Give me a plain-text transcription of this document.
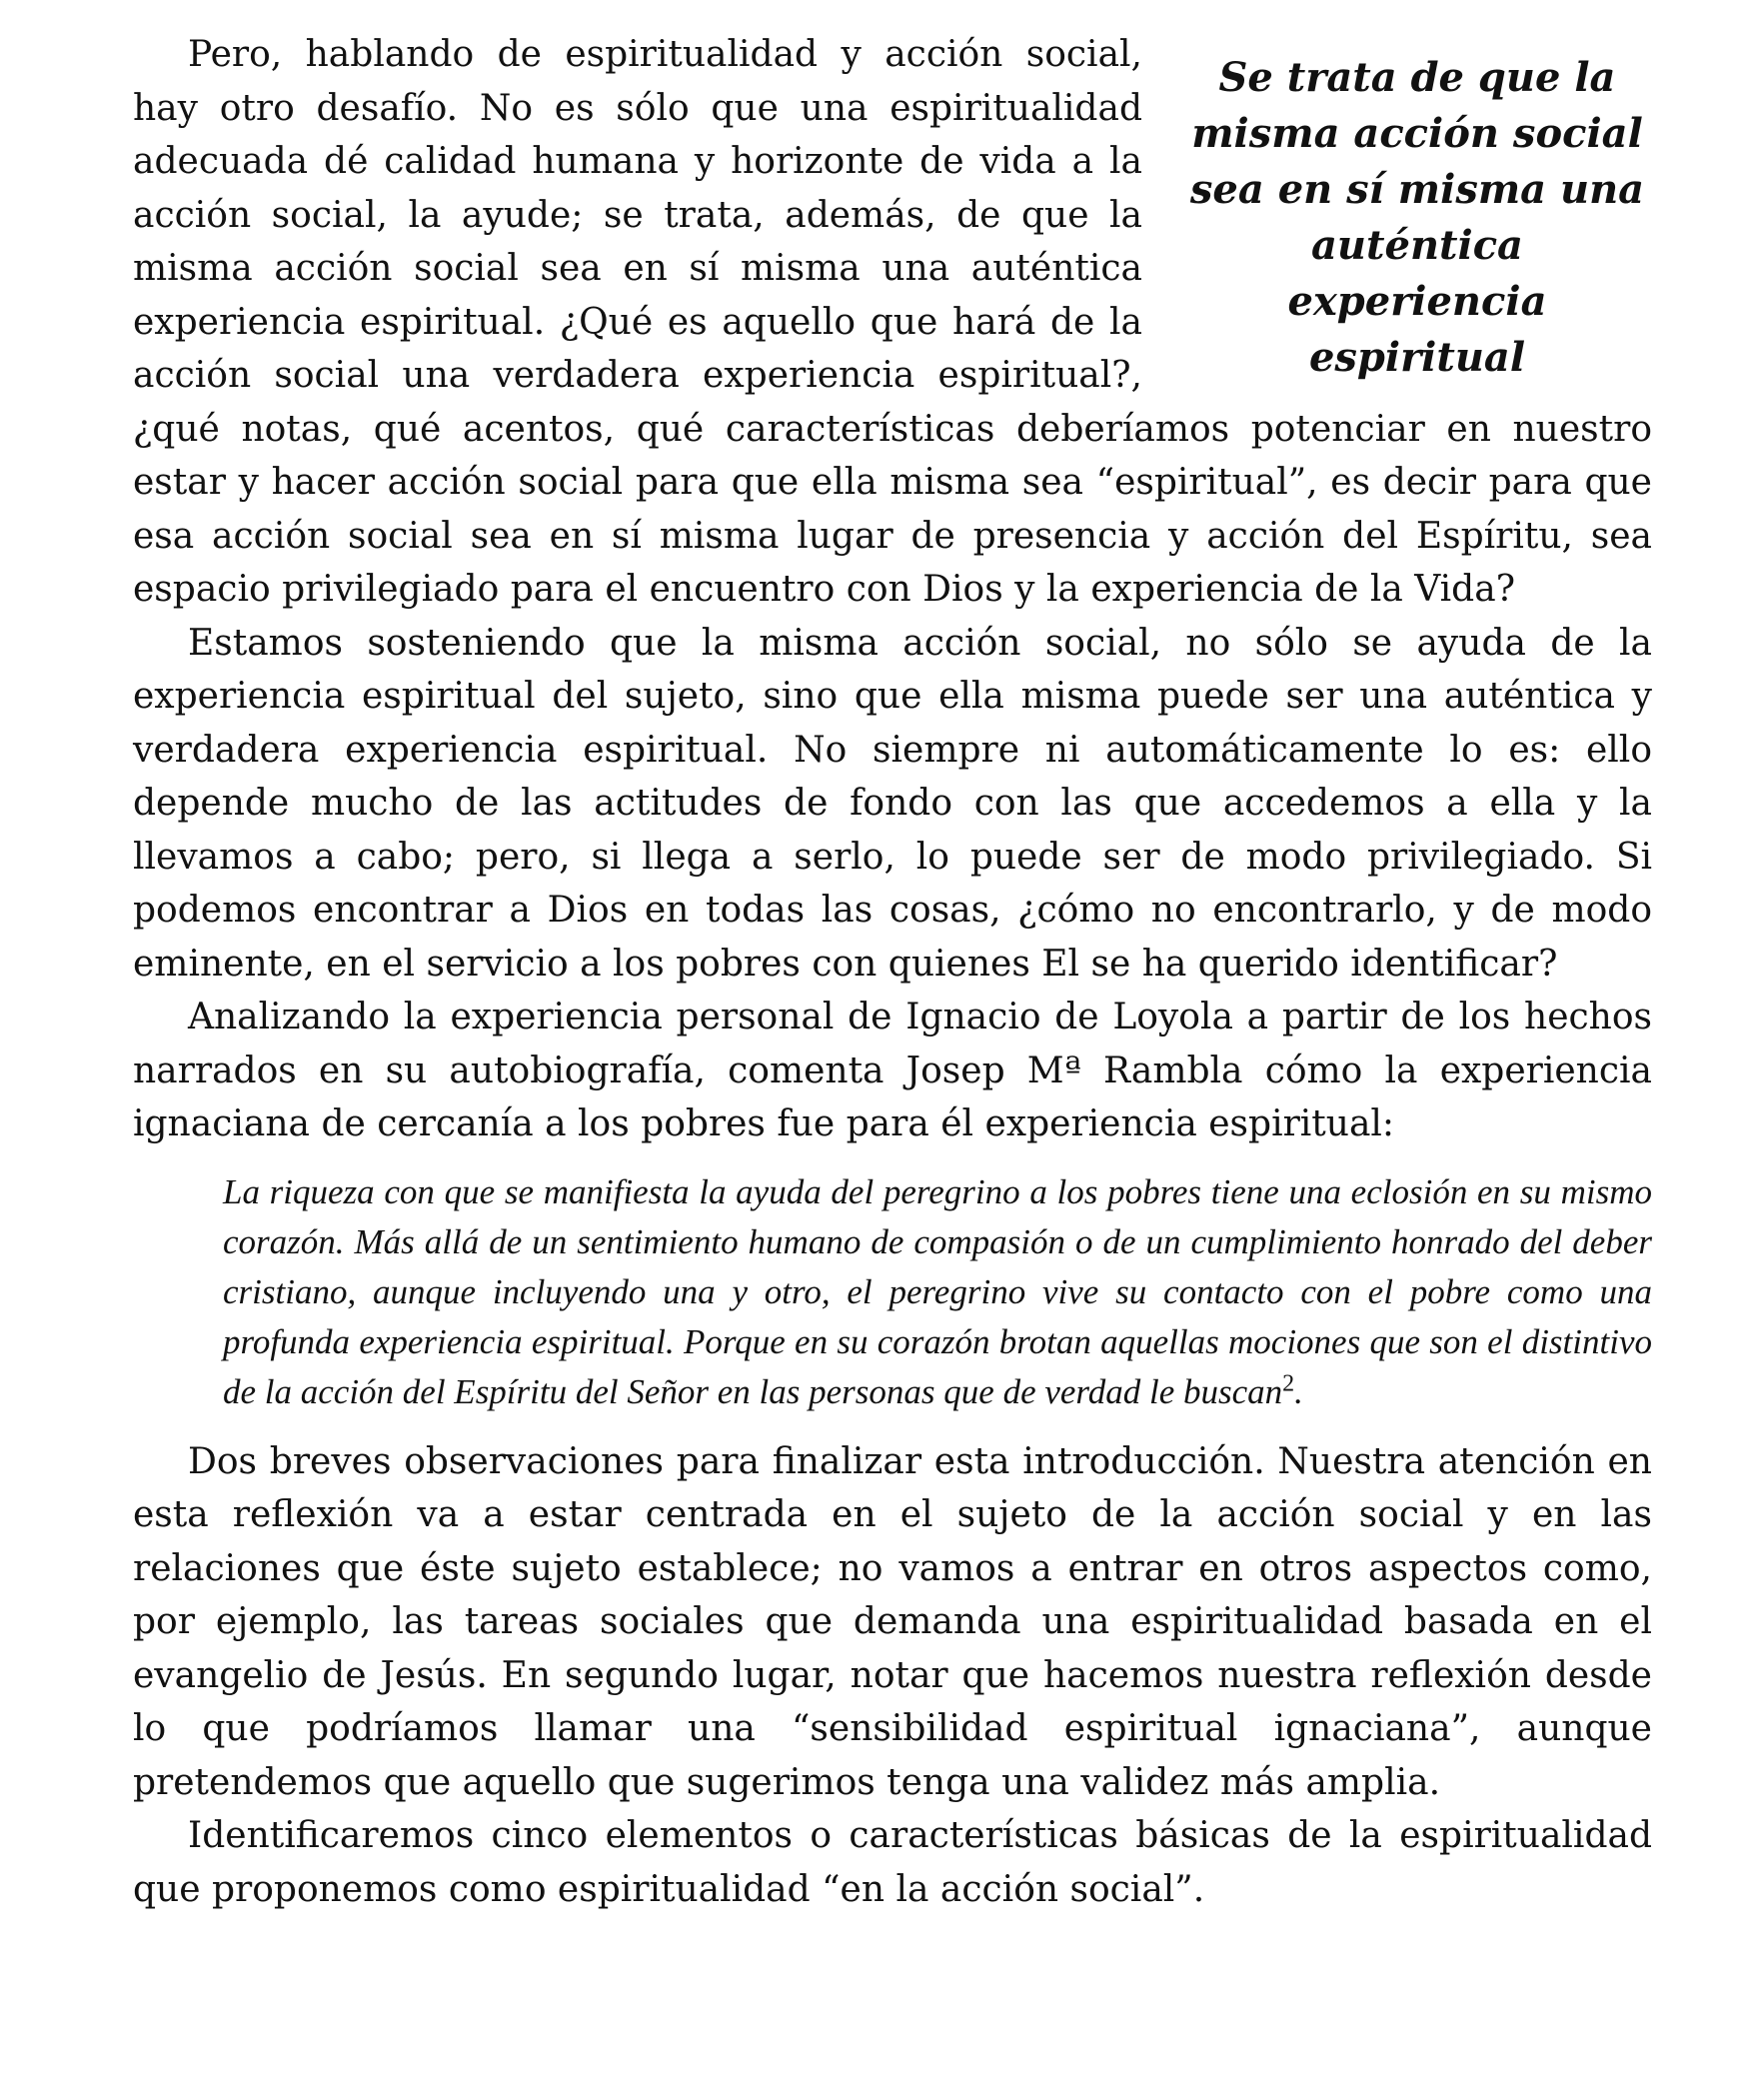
Se trata de que la misma acción social sea en sí misma una auténtica experiencia espiritual

Pero, hablando de espiritualidad y acción social, hay otro desafío. No es sólo que una espiritualidad adecuada dé calidad humana y horizonte de vida a la acción social, la ayude; se trata, además, de que la misma acción social sea en sí misma una auténtica experiencia espiritual. ¿Qué es aquello que hará de la acción social una verdadera experiencia espiritual?, ¿qué notas, qué acentos, qué características deberíamos potenciar en nuestro estar y hacer acción social para que ella misma sea “espiritual”, es decir para que esa acción social sea en sí misma lugar de presencia y acción del Espíritu, sea espacio privilegiado para el encuentro con Dios y la experiencia de la Vida?

Estamos sosteniendo que la misma acción social, no sólo se ayuda de la experiencia espiritual del sujeto, sino que ella misma puede ser una auténtica y verdadera experiencia espiritual. No siempre ni automáticamente lo es: ello depende mucho de las actitudes de fondo con las que accedemos a ella y la llevamos a cabo; pero, si llega a serlo, lo puede ser de modo privilegiado. Si podemos encontrar a Dios en todas las cosas, ¿cómo no encontrarlo, y de modo eminente, en el servicio a los pobres con quienes El se ha querido identificar?

Analizando la experiencia personal de Ignacio de Loyola a partir de los hechos narrados en su autobiografía, comenta Josep Mª Rambla cómo la experiencia ignaciana de cercanía a los pobres fue para él experiencia espiritual:

La riqueza con que se manifiesta la ayuda del peregrino a los pobres tiene una eclosión en su mismo corazón. Más allá de un sentimiento humano de compasión o de un cumplimiento honrado del deber cristiano, aunque incluyendo una y otro, el peregrino vive su contacto con el pobre como una profunda experiencia espiritual. Porque en su corazón brotan aquellas mociones que son el distintivo de la acción del Espíritu del Señor en las personas que de verdad le buscan$^2$.

Dos breves observaciones para finalizar esta introducción. Nuestra atención en esta reflexión va a estar centrada en el sujeto de la acción social y en las relaciones que éste sujeto establece; no vamos a entrar en otros aspectos como, por ejemplo, las tareas sociales que demanda una espiritualidad basada en el evangelio de Jesús. En segundo lugar, notar que hacemos nuestra reflexión desde lo que podríamos llamar una “sensibilidad espiritual ignaciana”, aunque pretendemos que aquello que sugerimos tenga una validez más amplia.

Identificaremos cinco elementos o características básicas de la espiritualidad que proponemos como espiritualidad “en la acción social”.
